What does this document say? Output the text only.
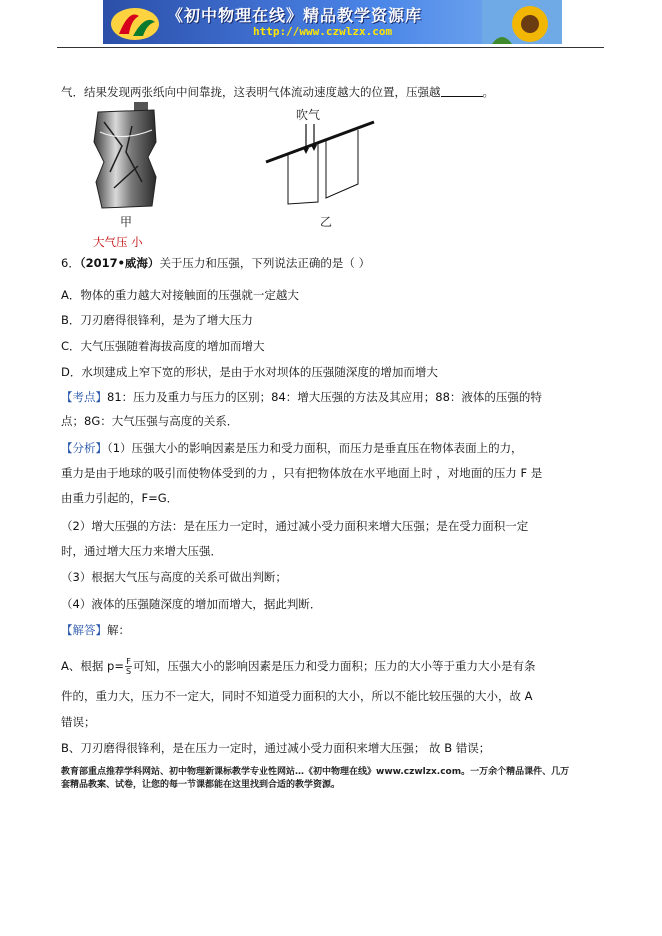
《初中物理在线》精品教学资源库
http://www.czwlzx.com
气．结果发现两张纸向中间靠拢，这表明气体流动速度越大的位置，压强越	。
甲
吹气
乙
大气压 小
6．（2017•威海）关于压力和压强，下列说法正确的是（ ）
A．物体的重力越大对接触面的压强就一定越大
B．刀刃磨得很锋利，是为了增大压力
C．大气压强随着海拔高度的增加而增大
D．水坝建成上窄下宽的形状，是由于水对坝体的压强随深度的增加而增大
【考点】81：压力及重力与压力的区别；84：增大压强的方法及其应用；88：液体的压强的特
点；8G：大气压强与高度的关系．
【分析】（1）压强大小的影响因素是压力和受力面积，而压力是垂直压在物体表面上的力，
重力是由于地球的吸引而使物体受到的力 ，只有把物体放在水平地面上时 ，对地面的压力 F 是
由重力引起的，F=G．
（2）增大压强的方法：是在压力一定时，通过减小受力面积来增大压强；是在受力面积一定
时，通过增大压力来增大压强．
（3）根据大气压与高度的关系可做出判断；
（4）液体的压强随深度的增加而增大，据此判断．
【解答】解：
A、根据 $p= \frac{F}{S}$ 可知，压强大小的影响因素是压力和受力面积；压力的大小等于重力大小是有条
件的，重力大，压力不一定大，同时不知道受力面积的大小，所以不能比较压强的大小，故 A
错误；
B、刀刃磨得很锋利，是在压力一定时，通过减小受力面积来增大压强； 故 B 错误；
教育部重点推荐学科网站、初中物理新课标教学专业性网站…《初中物理在线》www.czwlzx.com。一万余个精品课件、几万
套精品教案、试卷，让您的每一节课都能在这里找到合适的教学资源。
